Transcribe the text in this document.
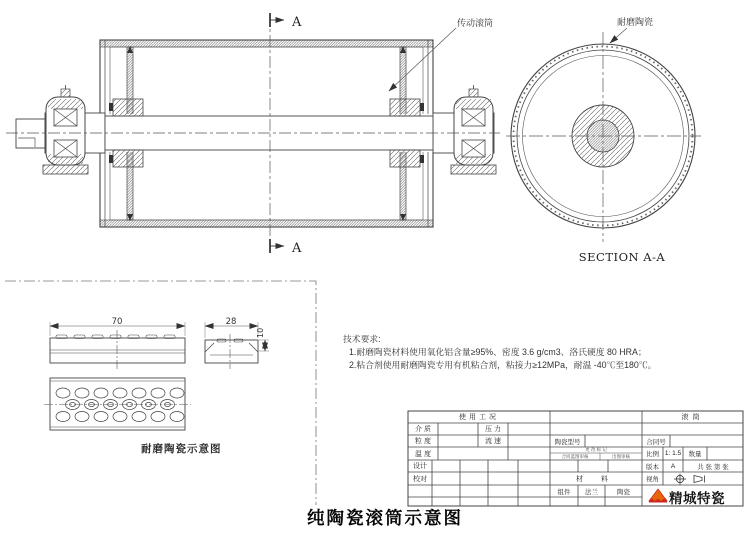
A
A
SECTION A-A
70	28
10
传动滚筒	耐磨陶瓷
耐磨陶瓷示意图
技术要求:
1.耐磨陶瓷材料使用氧化铝含量≥95%、密度 3.6 g/cm3、洛氏硬度 80 HRA；
2.粘合剂使用耐磨陶瓷专用有机粘合剂，粘接力≥12MPa，耐温 -40℃至180℃。
使用工况
介 质	压 力
粒 度	流 速
温 度
设计
校对
陶瓷型号
更 改 标 记
合同蓝图审核	出图审核
材 料
组件	法兰	陶瓷
滚筒
合同号
比例 1: 1.5	数量
版本	A	共 张 第 张
视角
精城特瓷
纯陶瓷滚筒示意图
